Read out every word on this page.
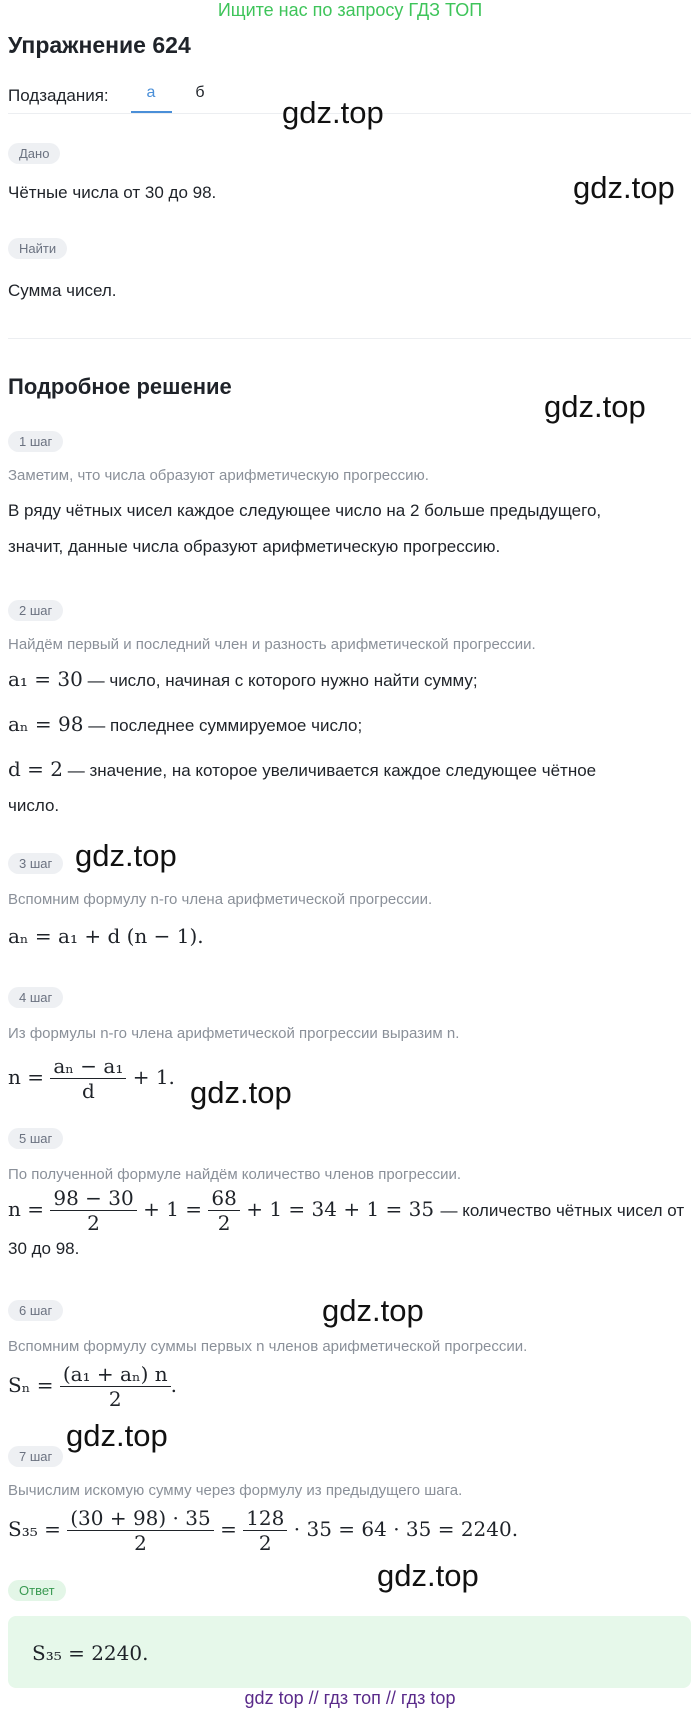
Ищите нас по запросу ГДЗ ТОП
Упражнение 624
Подзадания:	а	б
gdz.top
Дано
Чётные числа от 30 до 98.	gdz.top
Найти
Сумма чисел.
Подробное решение
gdz.top
1 шаг
Заметим, что числа образуют арифметическую прогрессию.
В ряду чётных чисел каждое следующее число на 2 больше предыдущего,
значит, данные числа образуют арифметическую прогрессию.
2 шаг
Найдём первый и последний член и разность арифметической прогрессии.
a₁ = 30 — число, начиная с которого нужно найти сумму;
aₙ = 98 — последнее суммируемое число;
d = 2 — значение, на которое увеличивается каждое следующее чётное
число.
3 шаг gdz.top
Вспомним формулу n-го члена арифметической прогрессии.
aₙ = a₁ + d (n − 1).
4 шаг
Из формулы n-го члена арифметической прогрессии выразим n.
$n = \frac{\text{aₙ − a₁}}{d} + 1$. gdz.top
5 шаг
По полученной формуле найдём количество членов прогрессии.
$n = \frac{98 - 30}{2} + 1 = \frac{68}{2} + 1 = 34 + 1 = 35$ — количество чётных чисел от
30 до 98.
gdz.top
6 шаг
Вспомним формулу суммы первых n членов арифметической прогрессии.
$S_n = \frac{\text{(a₁ + aₙ) n}}{2}$ .
gdz.top
7 шаг
Вычислим искомую сумму через формулу из предыдущего шага.
$S_{35} = \frac{(30 + 98) \cdot 35}{2} = \frac{128}{2} \cdot 35 = 64 \cdot 35 = 2240$.
gdz.top
Ответ
S₃₅ = 2240.
gdz top // гдз топ // гдз top
